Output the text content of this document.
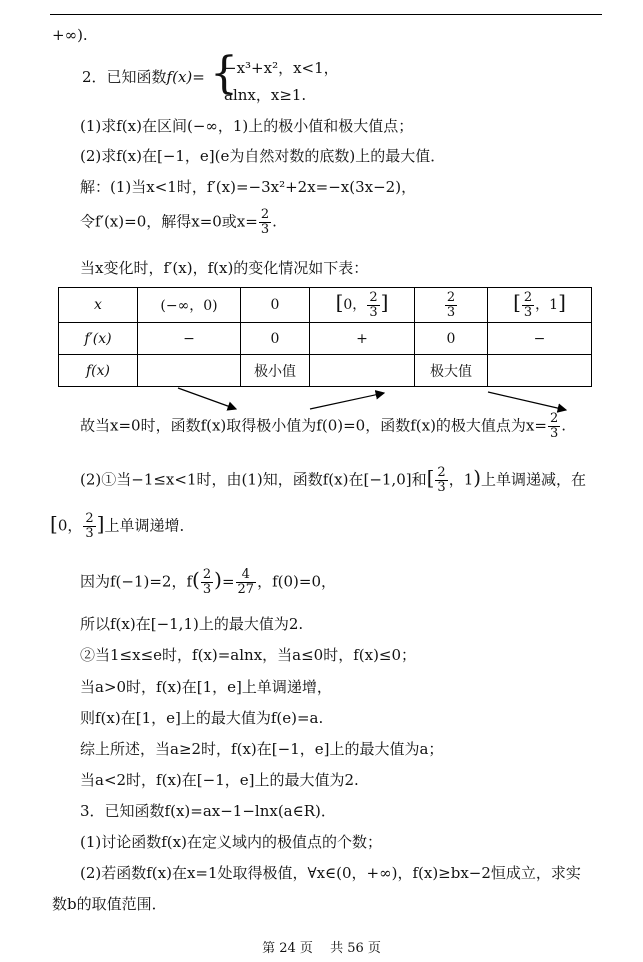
+∞).
2．已知函数f(x)= {
−x³+x²，x<1，
alnx，x≥1.
(1)求f(x)在区间(−∞，1)上的极小值和极大值点；
(2)求f(x)在[−1，e](e为自然对数的底数)上的最大值．
解：(1)当x<1时，f′(x)=−3x²+2x=−x(3x−2)，
令f′(x)=0，解得x=0或$x= \frac{2}{3}$ .
当x变化时，f′(x)，f(x)的变化情况如下表：
x	(−∞，0)	0	[0， $\frac{2}{3}$ ]	$\frac{2}{3}$	[ $\frac{2}{3}$ ，1]
f′(x)	−	0	+	0	−
f(x)		极小值		极大值	
故当x=0时，函数f(x)取得极小值为f(0)=0，函数f(x)的极大值点为$x= \frac{2}{3}$ .
(2)①当−1≤x<1时，由(1)知，函数f(x)在[−1,0]和[ $\frac{2}{3}$ ，1)上单调递减，在
[0， $\frac{2}{3}$ ]上单调递增．
因为f(−1)=2，$f( \frac{2}{3}$ )= $\frac{4}{27}$ ，f(0)=0，
所以f(x)在[−1,1)上的最大值为2.
②当1≤x≤e时，f(x)=alnx，当a≤0时，f(x)≤0；
当a>0时，f(x)在[1，e]上单调递增，
则f(x)在[1，e]上的最大值为f(e)=a.
综上所述，当a≥2时，f(x)在[−1，e]上的最大值为a；
当a<2时，f(x)在[−1，e]上的最大值为2.
3．已知函数f(x)=ax−1−lnx(a∈R)．
(1)讨论函数f(x)在定义域内的极值点的个数；
(2)若函数f(x)在x=1处取得极值，∀x∈(0，+∞)，f(x)≥bx−2恒成立，求实
数b的取值范围．
第 24 页　 共 56 页
